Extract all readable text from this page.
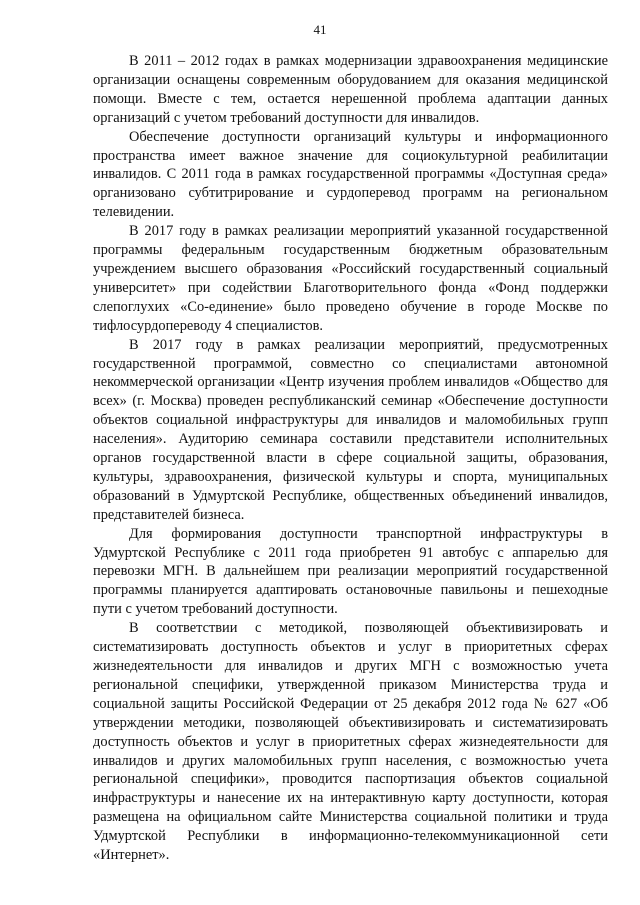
41

В 2011 – 2012 годах в рамках модернизации здравоохранения медицинские организации оснащены современным оборудованием для оказания медицинской помощи. Вместе с тем, остается нерешенной проблема адаптации данных организаций с учетом требований доступности для инвалидов.

Обеспечение доступности организаций культуры и информационного пространства имеет важное значение для социокультурной реабилитации инвалидов. С 2011 года в рамках государственной программы «Доступная среда» организовано субтитрирование и сурдоперевод программ на региональном телевидении.

В 2017 году в рамках реализации мероприятий указанной государственной программы федеральным государственным бюджетным образовательным учреждением высшего образования «Российский государственный социальный университет» при содействии Благотворительного фонда «Фонд поддержки слепоглухих «Со-единение» было проведено обучение в городе Москве по тифлосурдопереводу 4 специалистов.

В 2017 году в рамках реализации мероприятий, предусмотренных государственной программой, совместно со специалистами автономной некоммерческой организации «Центр изучения проблем инвалидов «Общество для всех» (г. Москва) проведен республиканский семинар «Обеспечение доступности объектов социальной инфраструктуры для инвалидов и маломобильных групп населения». Аудиторию семинара составили представители исполнительных органов государственной власти в сфере социальной защиты, образования, культуры, здравоохранения, физической культуры и спорта, муниципальных образований в Удмуртской Республике, общественных объединений инвалидов, представителей бизнеса.

Для формирования доступности транспортной инфраструктуры в Удмуртской Республике с 2011 года приобретен 91 автобус с аппарелью для перевозки МГН. В дальнейшем при реализации мероприятий государственной программы планируется адаптировать остановочные павильоны и пешеходные пути с учетом требований доступности.

В соответствии с методикой, позволяющей объективизировать и систематизировать доступность объектов и услуг в приоритетных сферах жизнедеятельности для инвалидов и других МГН с возможностью учета региональной специфики, утвержденной приказом Министерства труда и социальной защиты Российской Федерации от 25 декабря 2012 года № 627 «Об утверждении методики, позволяющей объективизировать и систематизировать доступность объектов и услуг в приоритетных сферах жизнедеятельности для инвалидов и других маломобильных групп населения, с возможностью учета региональной специфики», проводится паспортизация объектов социальной инфраструктуры и нанесение их на интерактивную карту доступности, которая размещена на официальном сайте Министерства социальной политики и труда Удмуртской Республики в информационно-телекоммуникационной сети «Интернет».
